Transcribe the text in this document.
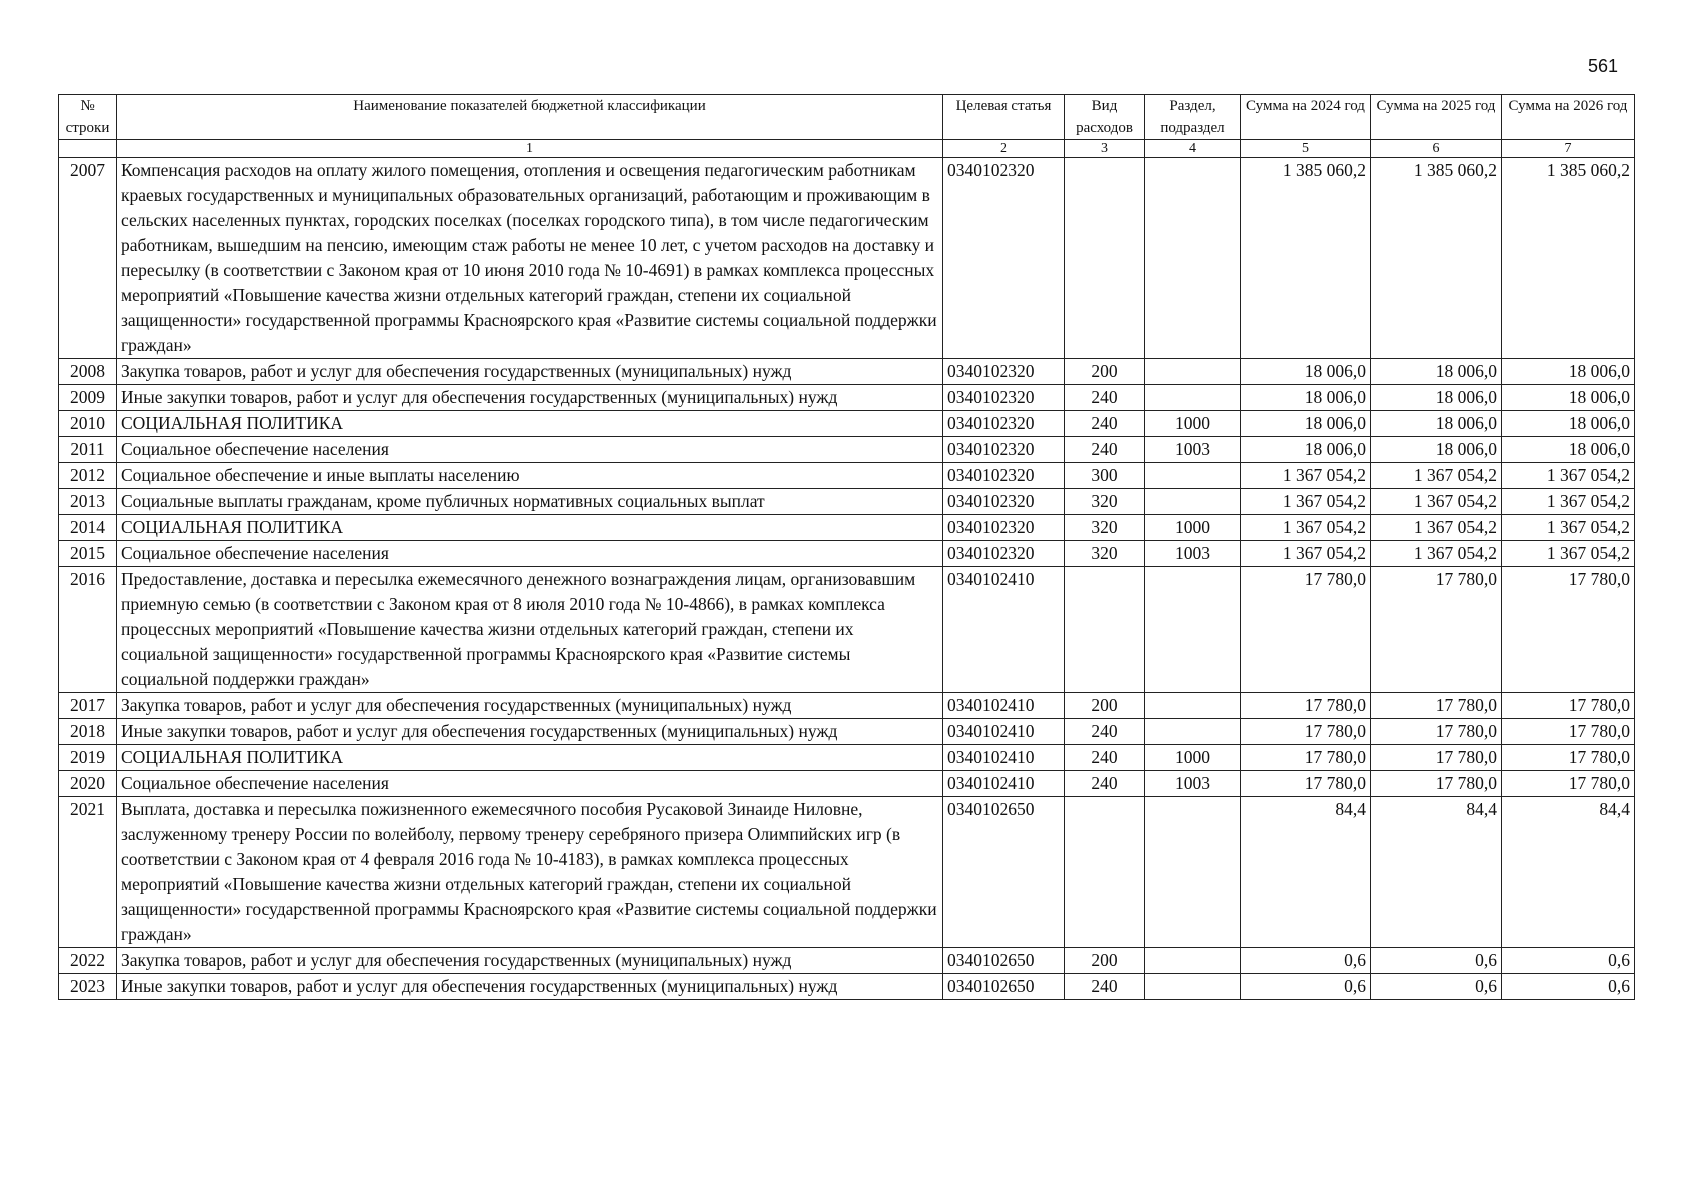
561
№ строки	Наименование показателей бюджетной классификации	Целевая статья	Вид расходов	Раздел, подраздел	Сумма на 2024 год	Сумма на 2025 год	Сумма на 2026 год
	1	2	3	4	5	6	7
2007	Компенсация расходов на оплату жилого помещения, отопления и освещения педагогическим работникам краевых государственных и муниципальных образовательных организаций, работающим и проживающим в сельских населенных пунктах, городских поселках (поселках городского типа), в том числе педагогическим работникам, вышедшим на пенсию, имеющим стаж работы не менее 10 лет, с учетом расходов на доставку и пересылку (в соответствии с Законом края от 10 июня 2010 года № 10-4691) в рамках комплекса процессных мероприятий «Повышение качества жизни отдельных категорий граждан, степени их социальной защищенности» государственной программы Красноярского края «Развитие системы социальной поддержки граждан»	0340102320			1 385 060,2	1 385 060,2	1 385 060,2
2008	Закупка товаров, работ и услуг для обеспечения государственных (муниципальных) нужд	0340102320	200		18 006,0	18 006,0	18 006,0
2009	Иные закупки товаров, работ и услуг для обеспечения государственных (муниципальных) нужд	0340102320	240		18 006,0	18 006,0	18 006,0
2010	СОЦИАЛЬНАЯ ПОЛИТИКА	0340102320	240	1000	18 006,0	18 006,0	18 006,0
2011	Социальное обеспечение населения	0340102320	240	1003	18 006,0	18 006,0	18 006,0
2012	Социальное обеспечение и иные выплаты населению	0340102320	300		1 367 054,2	1 367 054,2	1 367 054,2
2013	Социальные выплаты гражданам, кроме публичных нормативных социальных выплат	0340102320	320		1 367 054,2	1 367 054,2	1 367 054,2
2014	СОЦИАЛЬНАЯ ПОЛИТИКА	0340102320	320	1000	1 367 054,2	1 367 054,2	1 367 054,2
2015	Социальное обеспечение населения	0340102320	320	1003	1 367 054,2	1 367 054,2	1 367 054,2
2016	Предоставление, доставка и пересылка ежемесячного денежного вознаграждения лицам, организовавшим приемную семью (в соответствии с Законом края от 8 июля 2010 года № 10-4866), в рамках комплекса процессных мероприятий «Повышение качества жизни отдельных категорий граждан, степени их социальной защищенности» государственной программы Красноярского края «Развитие системы социальной поддержки граждан»	0340102410			17 780,0	17 780,0	17 780,0
2017	Закупка товаров, работ и услуг для обеспечения государственных (муниципальных) нужд	0340102410	200		17 780,0	17 780,0	17 780,0
2018	Иные закупки товаров, работ и услуг для обеспечения государственных (муниципальных) нужд	0340102410	240		17 780,0	17 780,0	17 780,0
2019	СОЦИАЛЬНАЯ ПОЛИТИКА	0340102410	240	1000	17 780,0	17 780,0	17 780,0
2020	Социальное обеспечение населения	0340102410	240	1003	17 780,0	17 780,0	17 780,0
2021	Выплата, доставка и пересылка пожизненного ежемесячного пособия Русаковой Зинаиде Ниловне, заслуженному тренеру России по волейболу, первому тренеру серебряного призера Олимпийских игр (в соответствии с Законом края от 4 февраля 2016 года № 10-4183), в рамках комплекса процессных мероприятий «Повышение качества жизни отдельных категорий граждан, степени их социальной защищенности» государственной программы Красноярского края «Развитие системы социальной поддержки граждан»	0340102650			84,4	84,4	84,4
2022	Закупка товаров, работ и услуг для обеспечения государственных (муниципальных) нужд	0340102650	200		0,6	0,6	0,6
2023	Иные закупки товаров, работ и услуг для обеспечения государственных (муниципальных) нужд	0340102650	240		0,6	0,6	0,6
